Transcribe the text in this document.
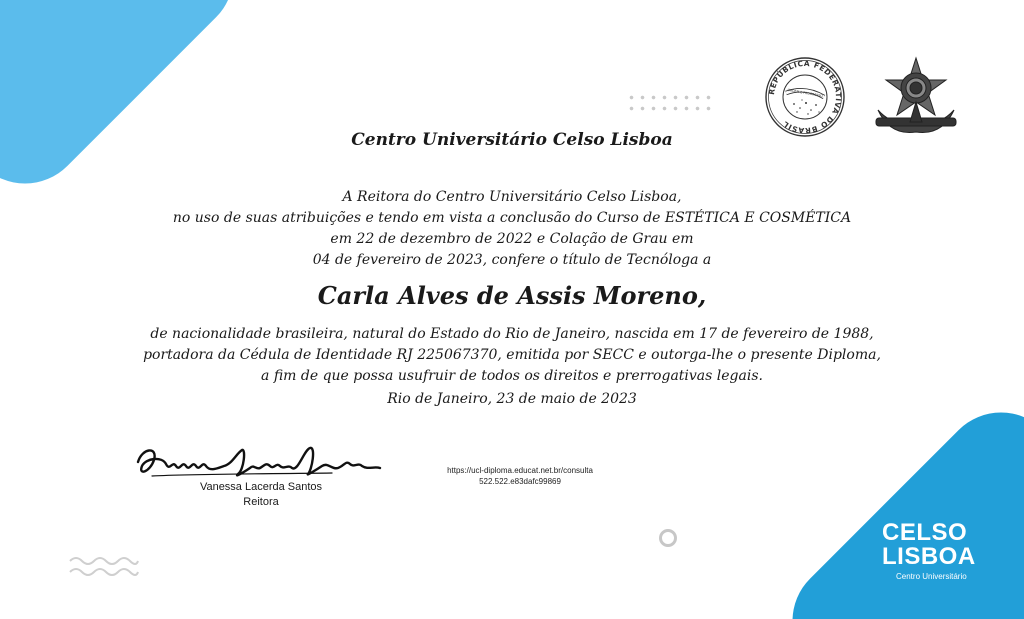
REPÚBLICA FEDERATIVA DO BRASIL
ORDEM E PROGRESSO
Centro Universitário Celso Lisboa
A Reitora do Centro Universitário Celso Lisboa,
no uso de suas atribuições e tendo em vista a conclusão do Curso de ESTÉTICA E COSMÉTICA
em 22 de dezembro de 2022 e Colação de Grau em
04 de fevereiro de 2023, confere o título de Tecnóloga a
Carla Alves de Assis Moreno,
de nacionalidade brasileira, natural do Estado do Rio de Janeiro, nascida em 17 de fevereiro de 1988,
portadora da Cédula de Identidade RJ 225067370, emitida por SECC e outorga-lhe o presente Diploma,
a fim de que possa usufruir de todos os direitos e prerrogativas legais.
Rio de Janeiro, 23 de maio de 2023
Vanessa Lacerda Santos
Reitora
https://ucl-diploma.educat.net.br/consulta
522.522.e83dafc99869
CELSO
LISBOA
Centro Universitário
